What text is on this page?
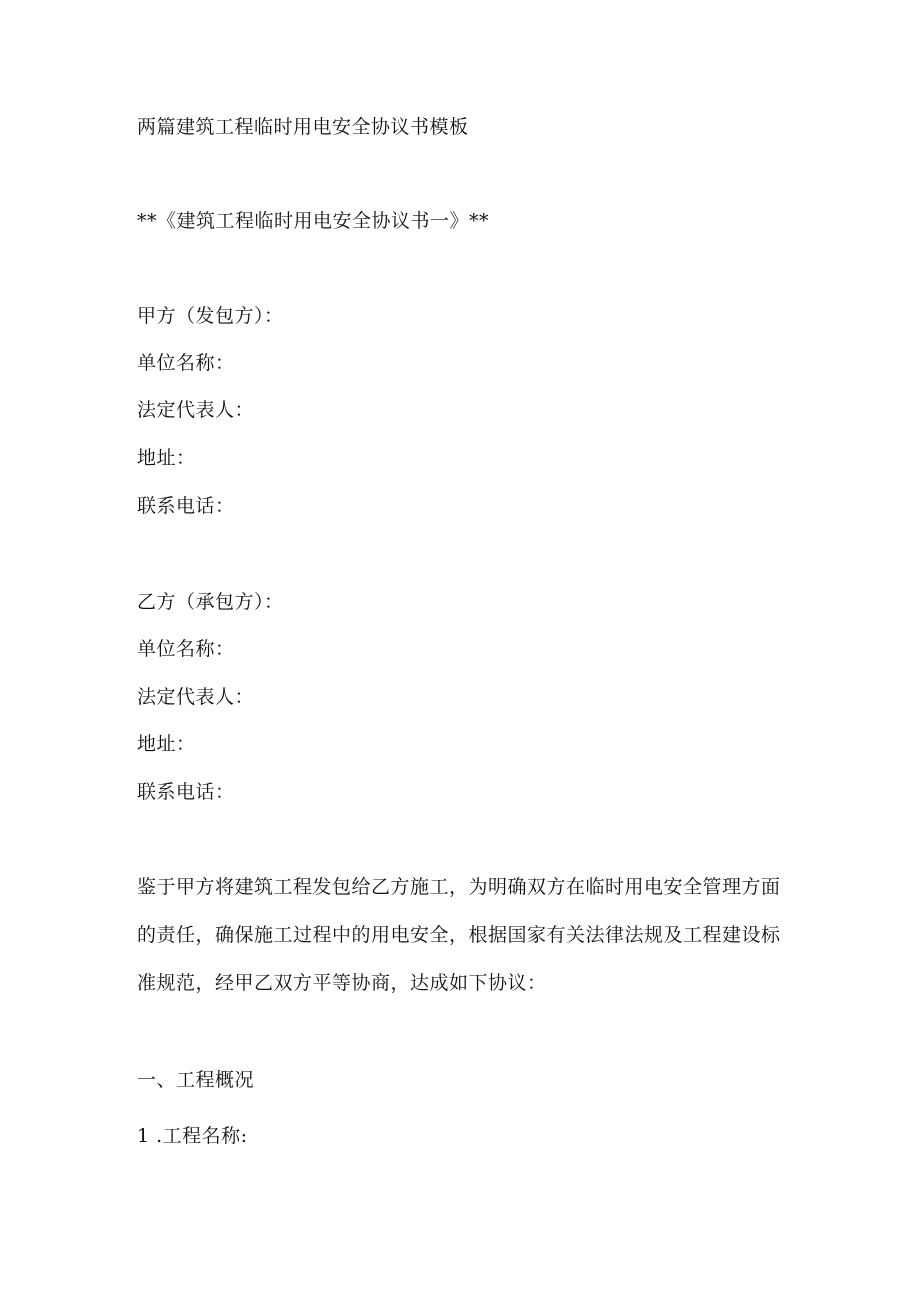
两篇建筑工程临时用电安全协议书模板
**《建筑工程临时用电安全协议书一》**
甲方（发包方）：
单位名称：
法定代表人：
地址：
联系电话：
乙方（承包方）：
单位名称：
法定代表人：
地址：
联系电话：
鉴于甲方将建筑工程发包给乙方施工，为明确双方在临时用电安全管理方面的责任，确保施工过程中的用电安全，根据国家有关法律法规及工程建设标准规范，经甲乙双方平等协商，达成如下协议：
一、工程概况
1 .工程名称:
